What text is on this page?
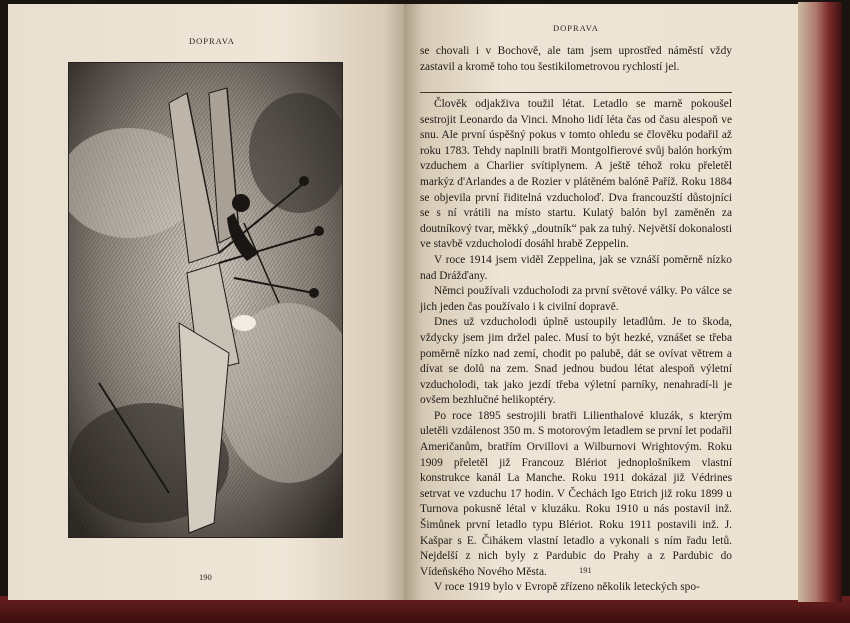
DOPRAVA
DOPRAVA
se chovali i v Bochově, ale tam jsem uprostřed náměstí vždy zastavil a kromě toho tou šestikilometrovou rychlostí jel.

Člověk odjakživa toužil létat. Letadlo se marně pokoušel sestrojit Leonardo da Vinci. Mnoho lidí léta čas od času alespoň ve snu. Ale první úspěšný pokus v tomto ohledu se člověku podařil až roku 1783. Tehdy naplnili bratři Montgolfierové svůj balón horkým vzduchem a Charlier svítiplynem. A ještě téhož roku přeletěl markýz d'Arlandes a de Rozier v plátěném balónê Paříž. Roku 1884 se objevila první řiditelná vzducholoď. Dva francouzští důstojníci se s ní vrátili na místo startu. Kulatý balón byl zaměněn za doutníkový tvar, měkký „doutník“ pak za tuhý. Největší dokonalosti ve stavbě vzducholodí dosáhl hrabě Zeppelin.

V roce 1914 jsem viděl Zeppelina, jak se vznáší poměrně nízko nad Drážďany.

Němci používali vzducholodi za první světové války. Po válce se jich jeden čas používalo i k civilní dopravě.

Dnes už vzducholodi úplně ustoupily letadlům. Je to škoda, vždycky jsem jim držel palec. Musí to být hezké, vznášet se třeba poměrně nízko nad zemí, chodit po palubě, dát se ovívat větrem a dívat se dolů na zem. Snad jednou budou létat alespoň výletní vzducholodi, tak jako jezdí třeba výletní parníky, nenahradí-li je ovšem bezhlučné helikoptéry.

Po roce 1895 sestrojili bratři Lilienthalové kluzák, s kterým uletěli vzdálenost 350 m. S motorovým letadlem se první let podařil Američanům, bratřím Orvillovi a Wilburnovi Wrightovým. Roku 1909 přeletěl již Francouz Blériot jednoplošníkem vlastní konstrukce kanál La Manche. Roku 1911 dokázal již Védrines setrvat ve vzduchu 17 hodin. V Čechách Igo Etrich již roku 1899 u Turnova pokusně létal v kluzáku. Roku 1910 u nás postavil inž. Šimůnek první letadlo typu Blériot. Roku 1911 postavili inž. J. Kašpar s E. Čihákem vlastní letadlo a vykonali s ním řadu letů. Nejdelší z nich byly z Pardubic do Prahy a z Pardubic do Vídeňského Nového Města.

V roce 1919 bylo v Evropě zřízeno několik leteckých spo-

190
191
